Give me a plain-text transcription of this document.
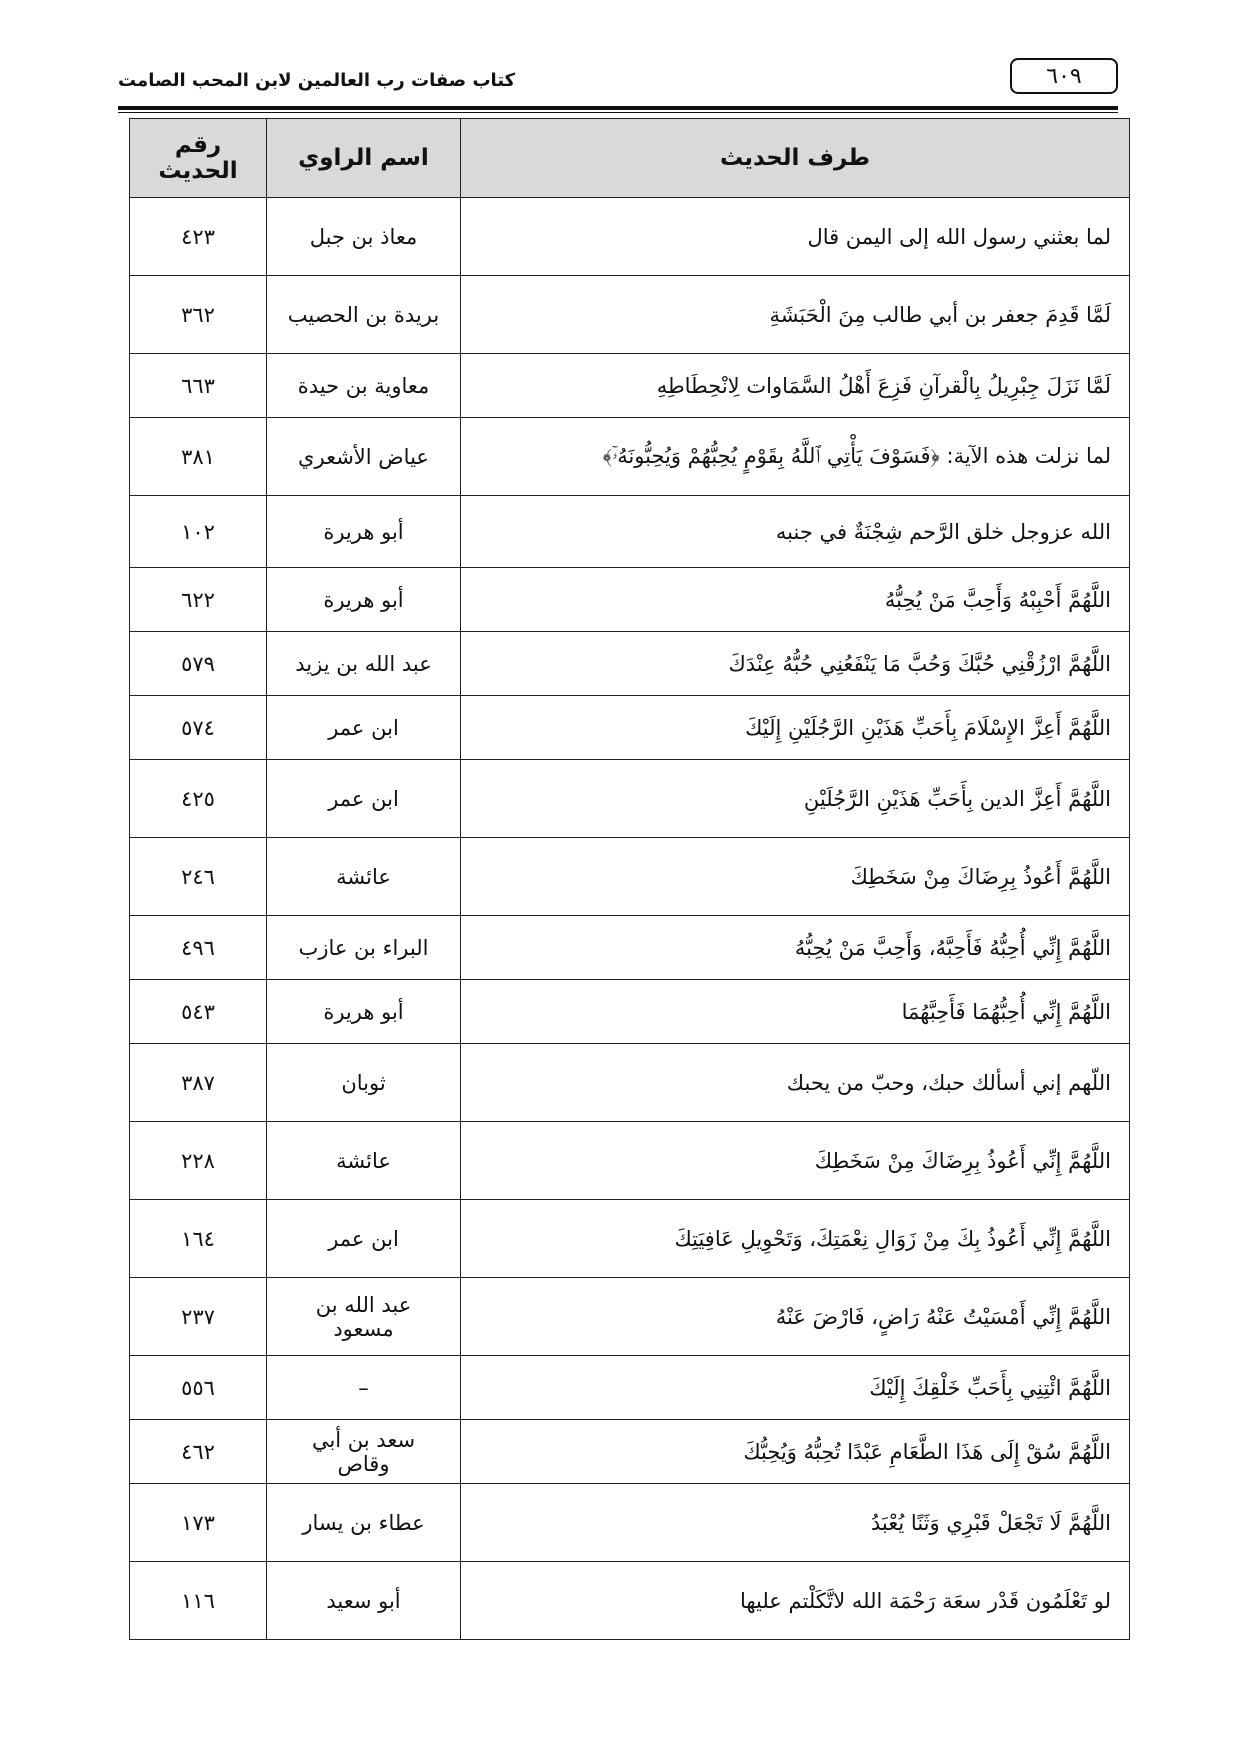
٦٠٩
كتاب صفات رب العالمين لابن المحب الصامت
طرف الحديث	اسم الراوي	رقم الحديث
لما بعثني رسول الله إلى اليمن قال	معاذ بن جبل	٤٢٣
لَمَّا قَدِمَ جعفر بن أبي طالب مِنَ الْحَبَشَةِ	بريدة بن الحصيب	٣٦٢
لَمَّا نَزَلَ جِبْرِيلُ بِالْقرآنِ فَزِعَ أَهْلُ السَّمَاوات لِانْحِطَاطِهِ	معاوية بن حيدة	٦٦٣
لما نزلت هذه الآية: ﴿فَسَوْفَ يَأْتِي ٱللَّهُ بِقَوْمٍ يُحِبُّهُمْ وَيُحِبُّونَهُۥٓ﴾	عياض الأشعري	٣٨١
الله عزوجل خلق الرَّحم شِجْنَةٌ في جنبه	أبو هريرة	١٠٢
اللَّهُمَّ أَحْبِبْهُ وَأَحِبَّ مَنْ يُحِبُّهُ	أبو هريرة	٦٢٢
اللَّهُمَّ ارْزُقْنِي حُبَّكَ وَحُبَّ مَا يَنْفَعُنِي حُبُّهُ عِنْدَكَ	عبد الله بن يزيد	٥٧٩
اللَّهُمَّ أَعِزَّ الإِسْلَامَ بِأَحَبِّ هَذَيْنِ الرَّجُلَيْنِ إِلَيْكَ	ابن عمر	٥٧٤
اللَّهُمَّ أَعِزَّ الدين بِأَحَبِّ هَذَيْنِ الرَّجُلَيْنِ	ابن عمر	٤٢٥
اللَّهُمَّ أَعُوذُ بِرِضَاكَ مِنْ سَخَطِكَ	عائشة	٢٤٦
اللَّهُمَّ إِنِّي أُحِبُّهُ فَأَحِبَّهُ، وَأَحِبَّ مَنْ يُحِبُّهُ	البراء بن عازب	٤٩٦
اللَّهُمَّ إِنِّي أُحِبُّهُمَا فَأَحِبَّهُمَا	أبو هريرة	٥٤٣
اللّهم إني أسألك حبك، وحبّ من يحبك	ثوبان	٣٨٧
اللَّهُمَّ إِنِّي أَعُوذُ بِرِضَاكَ مِنْ سَخَطِكَ	عائشة	٢٢٨
اللَّهُمَّ إِنِّي أَعُوذُ بِكَ مِنْ زَوَالِ نِعْمَتِكَ، وَتَحْوِيلِ عَافِيَتِكَ	ابن عمر	١٦٤
اللَّهُمَّ إِنِّي أَمْسَيْتُ عَنْهُ رَاضٍ، فَارْضَ عَنْهُ	عبد الله بن مسعود	٢٣٧
اللَّهُمَّ ائْتِنِي بِأَحَبِّ خَلْقِكَ إِلَيْكَ	–	٥٥٦
اللَّهُمَّ سُقْ إِلَى هَذَا الطَّعَامِ عَبْدًا تُحِبُّهُ وَيُحِبُّكَ	سعد بن أبي وقاص	٤٦٢
اللَّهُمَّ لَا تَجْعَلْ قَبْرِي وَثَنًا يُعْبَدُ	عطاء بن يسار	١٧٣
لو تَعْلَمُون قَدْر سعَة رَحْمَة الله لاتَّكَلْتم عليها	أبو سعيد	١١٦
